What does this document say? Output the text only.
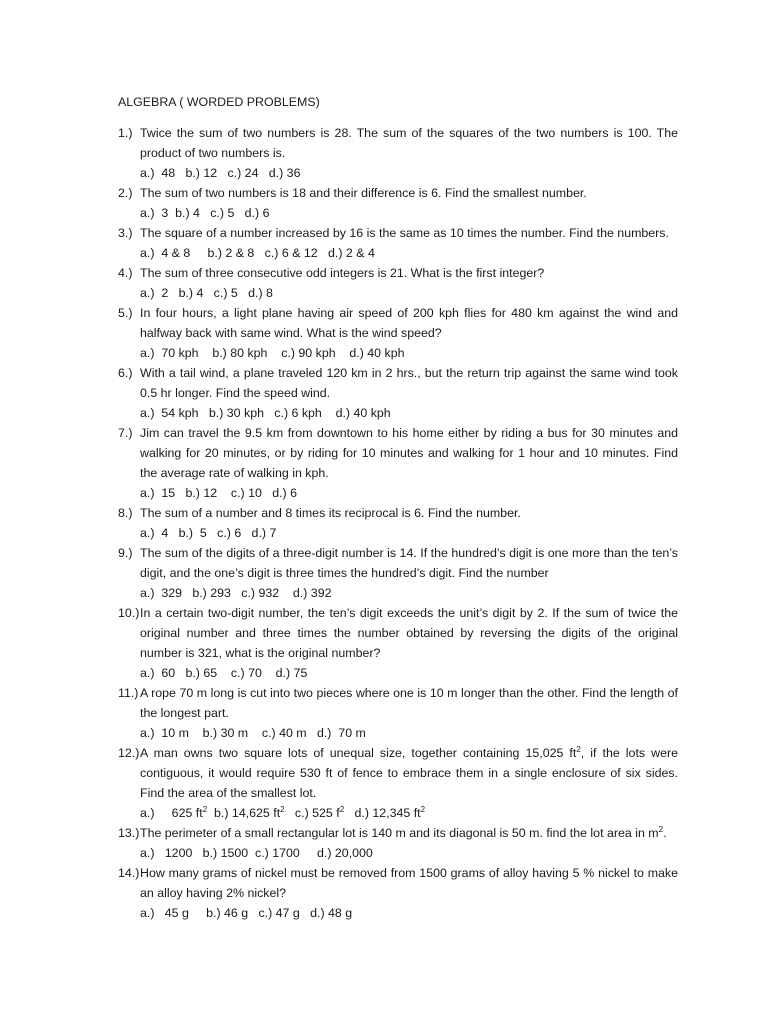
ALGEBRA ( WORDED PROBLEMS)
1.) Twice the sum of two numbers is 28. The sum of the squares of the two numbers is 100. The product of two numbers is.
a.)  48   b.) 12   c.) 24   d.) 36
2.) The sum of two numbers is 18 and their difference is 6. Find the smallest number.
a.)  3  b.) 4   c.) 5   d.) 6
3.) The square of a number increased by 16 is the same as 10 times the number. Find the numbers.
a.)  4 & 8     b.) 2 & 8   c.) 6 & 12   d.) 2 & 4
4.) The sum of three consecutive odd integers is 21. What is the first integer?
a.)  2   b.) 4   c.) 5   d.) 8
5.) In four hours, a light plane having air speed of 200 kph flies for 480 km against the wind and halfway back with same wind. What is the wind speed?
a.)  70 kph    b.) 80 kph    c.) 90 kph    d.) 40 kph
6.) With a tail wind, a plane traveled 120 km in 2 hrs., but the return trip against the same wind took 0.5 hr longer. Find the speed wind.
a.)  54 kph   b.) 30 kph   c.) 6 kph    d.) 40 kph
7.) Jim can travel the 9.5 km from downtown to his home either by riding a bus for 30 minutes and walking for 20 minutes, or by riding for 10 minutes and walking for 1 hour and 10 minutes. Find the average rate of walking in kph.
a.)  15   b.) 12    c.) 10   d.) 6
8.) The sum of a number and 8 times its reciprocal is 6. Find the number.
a.)  4   b.)  5   c.) 6   d.) 7
9.) The sum of the digits of a three-digit number is 14. If the hundred’s digit is one more than the ten’s digit, and the one’s digit is three times the hundred’s digit. Find the number
a.)  329   b.) 293   c.) 932    d.) 392
10.) In a certain two-digit number, the ten’s digit exceeds the unit’s digit by 2. If the sum of twice the original number and three times the number obtained by reversing the digits of the original number is 321, what is the original number?
a.)  60   b.) 65    c.) 70    d.) 75
11.) A rope 70 m long is cut into two pieces where one is 10 m longer than the other. Find the length of the longest part.
a.)  10 m    b.) 30 m    c.) 40 m   d.)  70 m
12.) A man owns two square lots of unequal size, together containing 15,025 $ft^2$, if the lots were contiguous, it would require 530 ft of fence to embrace them in a single enclosure of six sides. Find the area of the smallest lot.
a.)     625 $ft^2$  b.) 14,625 $ft^2$   c.) 525 $f^2$   d.) 12,345 $ft^2$
13.) The perimeter of a small rectangular lot is 140 m and its diagonal is 50 m. find the lot area in $m^2$.
a.)   1200   b.) 1500  c.) 1700     d.) 20,000
14.) How many grams of nickel must be removed from 1500 grams of alloy having 5 % nickel to make an alloy having 2% nickel?
a.)   45 g     b.) 46 g   c.) 47 g   d.) 48 g
